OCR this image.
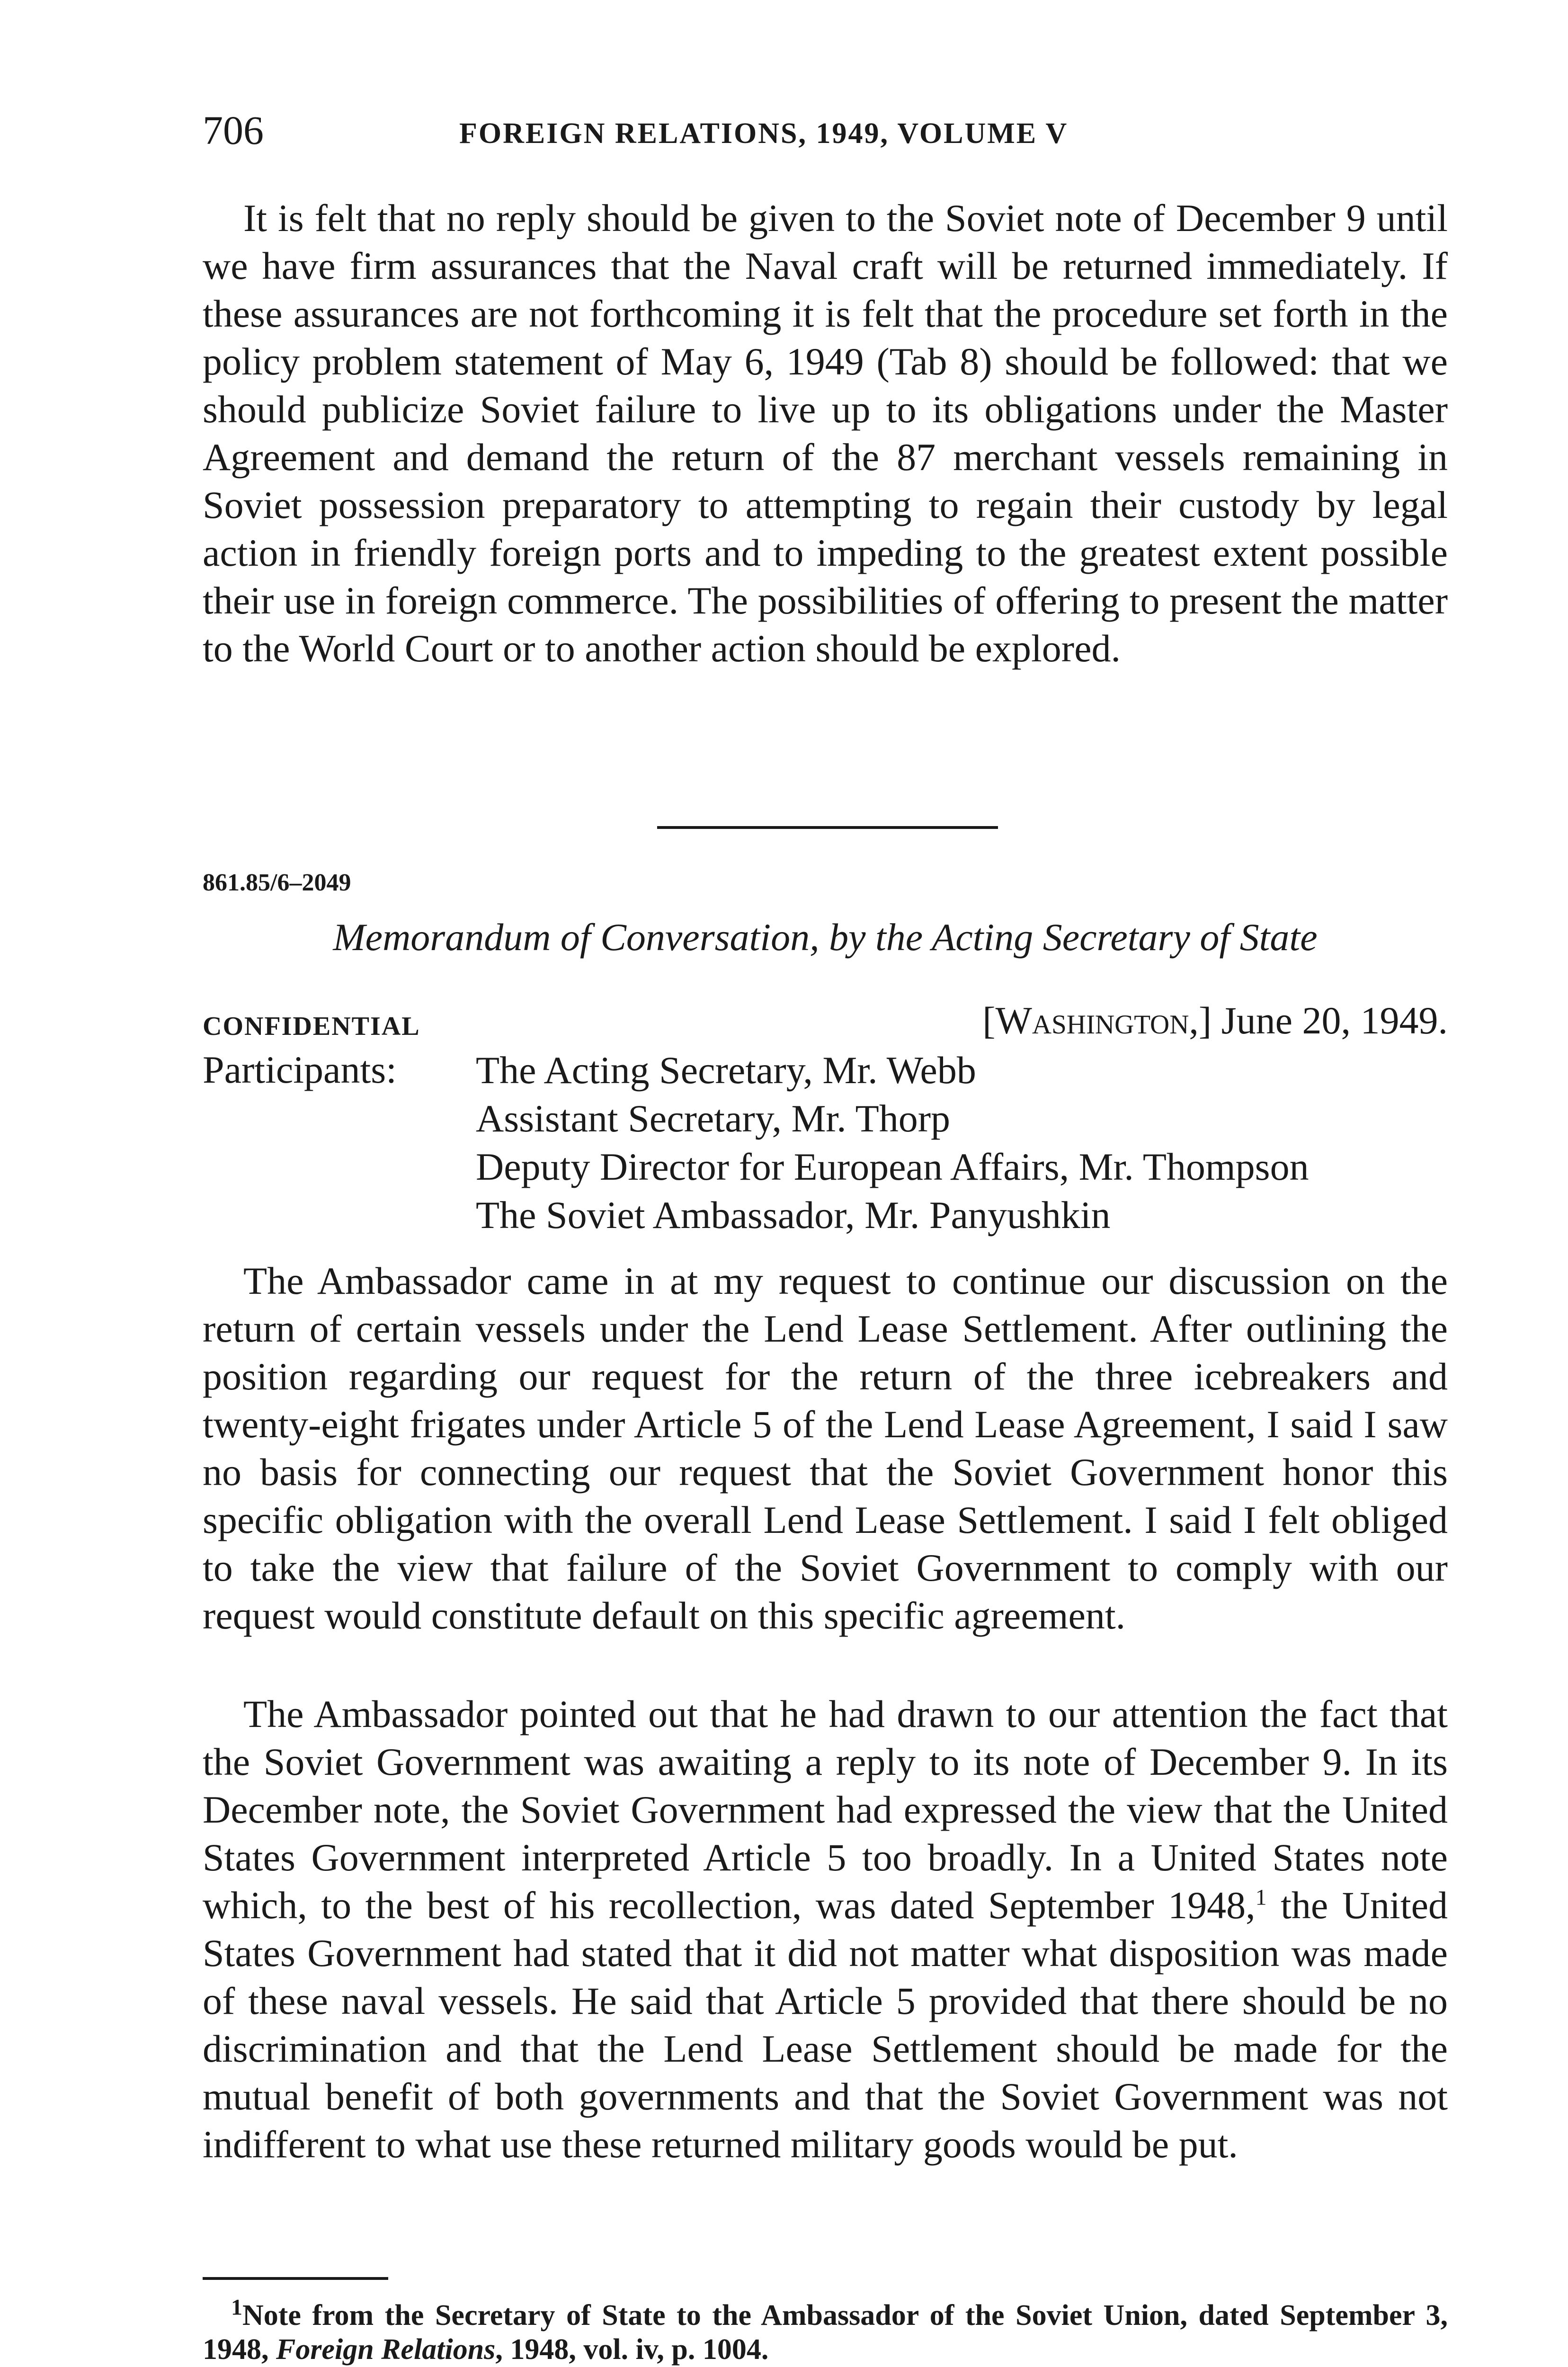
706	FOREIGN RELATIONS, 1949, VOLUME V

It is felt that no reply should be given to the Soviet note of December 9 until we have firm assurances that the Naval craft will be returned immediately. If these assurances are not forthcoming it is felt that the procedure set forth in the policy problem statement of May 6, 1949 (Tab 8) should be followed: that we should publicize Soviet failure to live up to its obligations under the Master Agreement and demand the return of the 87 merchant vessels remaining in Soviet possession preparatory to attempting to regain their custody by legal action in friendly foreign ports and to impeding to the greatest extent possible their use in foreign commerce. The possibilities of offering to present the matter to the World Court or to another action should be explored.

861.85/6–2049
Memorandum of Conversation, by the Acting Secretary of State
CONFIDENTIAL	[Washington,] June 20, 1949.
Participants: The Acting Secretary, Mr. Webb
Assistant Secretary, Mr. Thorp
Deputy Director for European Affairs, Mr. Thompson
The Soviet Ambassador, Mr. Panyushkin

The Ambassador came in at my request to continue our discussion on the return of certain vessels under the Lend Lease Settlement. After outlining the position regarding our request for the return of the three icebreakers and twenty-eight frigates under Article 5 of the Lend Lease Agreement, I said I saw no basis for connecting our request that the Soviet Government honor this specific obligation with the overall Lend Lease Settlement. I said I felt obliged to take the view that failure of the Soviet Government to comply with our request would constitute default on this specific agreement.

The Ambassador pointed out that he had drawn to our attention the fact that the Soviet Government was awaiting a reply to its note of December 9. In its December note, the Soviet Government had expressed the view that the United States Government interpreted Article 5 too broadly. In a United States note which, to the best of his recollection, was dated September 1948,$^1$ the United States Government had stated that it did not matter what disposition was made of these naval vessels. He said that Article 5 provided that there should be no discrimination and that the Lend Lease Settlement should be made for the mutual benefit of both governments and that the Soviet Government was not indifferent to what use these returned military goods would be put.

$^1$Note from the Secretary of State to the Ambassador of the Soviet Union, dated September 3, 1948, Foreign Relations, 1948, vol. iv, p. 1004.
